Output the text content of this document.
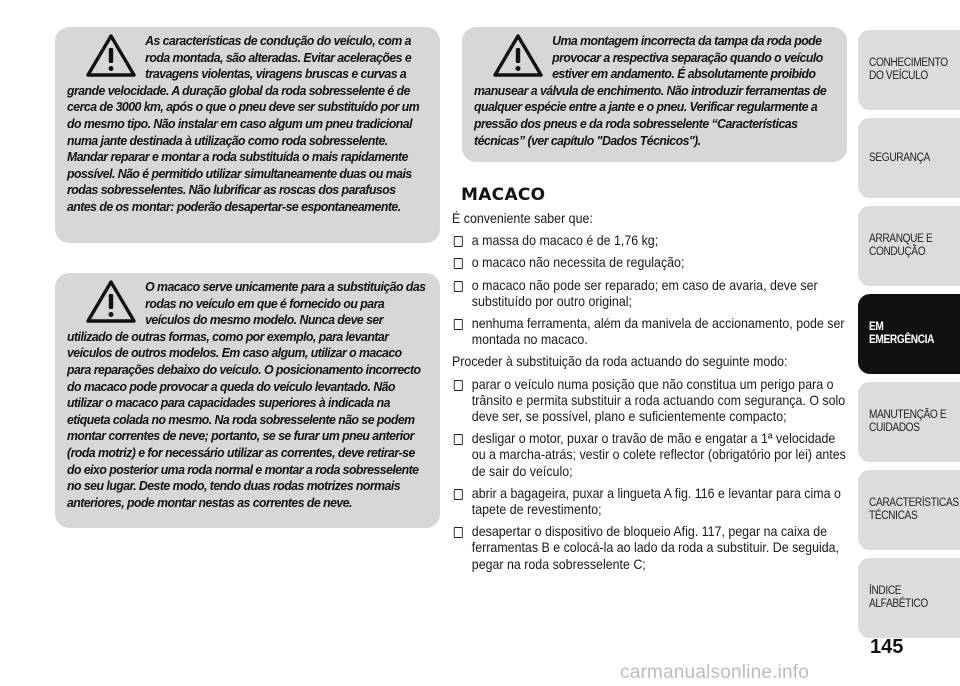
As características de condução do veículo, com a roda montada, são alteradas. Evitar acelerações e travagens violentas, viragens bruscas e curvas a grande velocidade. A duração global da roda sobresselente é de cerca de 3000 km, após o que o pneu deve ser substituído por um do mesmo tipo. Não instalar em caso algum um pneu tradicional numa jante destinada à utilização como roda sobresselente. Mandar reparar e montar a roda substituída o mais rapidamente possível. Não é permitido utilizar simultaneamente duas ou mais rodas sobresselentes. Não lubrificar as roscas dos parafusos antes de os montar: poderão desapertar-se espontaneamente.

O macaco serve unicamente para a substituição das rodas no veículo em que é fornecido ou para veículos do mesmo modelo. Nunca deve ser utilizado de outras formas, como por exemplo, para levantar veículos de outros modelos. Em caso algum, utilizar o macaco para reparações debaixo do veículo. O posicionamento incorrecto do macaco pode provocar a queda do veículo levantado. Não utilizar o macaco para capacidades superiores à indicada na etiqueta colada no mesmo. Na roda sobresselente não se podem montar correntes de neve; portanto, se se furar um pneu anterior (roda motriz) e for necessário utilizar as correntes, deve retirar-se do eixo posterior uma roda normal e montar a roda sobresselente no seu lugar. Deste modo, tendo duas rodas motrizes normais anteriores, pode montar nestas as correntes de neve.

Uma montagem incorrecta da tampa da roda pode provocar a respectiva separação quando o veículo estiver em andamento. É absolutamente proibido manusear a válvula de enchimento. Não introduzir ferramentas de qualquer espécie entre a jante e o pneu. Verificar regularmente a pressão dos pneus e da roda sobresselente “Características técnicas” (ver capítulo "Dados Técnicos").

MACACO

É conveniente saber que:

a massa do macaco é de 1,76 kg;

o macaco não necessita de regulação;

o macaco não pode ser reparado; em caso de avaria, deve ser substituído por outro original;

nenhuma ferramenta, além da manivela de accionamento, pode ser montada no macaco.

Proceder à substituição da roda actuando do seguinte modo:

parar o veículo numa posição que não constitua um perigo para o trânsito e permita substituir a roda actuando com segurança. O solo deve ser, se possível, plano e suficientemente compacto;

desligar o motor, puxar o travão de mão e engatar a 1ª velocidade ou a marcha-atrás; vestir o colete reflector (obrigatório por lei) antes de sair do veículo;

abrir a bagageira, puxar a lingueta A fig. 116 e levantar para cima o tapete de revestimento;

desapertar o dispositivo de bloqueio Afig. 117, pegar na caixa de ferramentas B e colocá-la ao lado da roda a substituir. De seguida, pegar na roda sobresselente C;

CONHECIMENTO DO VEÍCULO
SEGURANÇA
ARRANQUE E CONDUÇÃO
EM EMERGÊNCIA
MANUTENÇÃO E CUIDADOS
CARACTERÍSTICAS TÉCNICAS
ÍNDICE ALFABÉTICO
145
carmanualsonline.info
